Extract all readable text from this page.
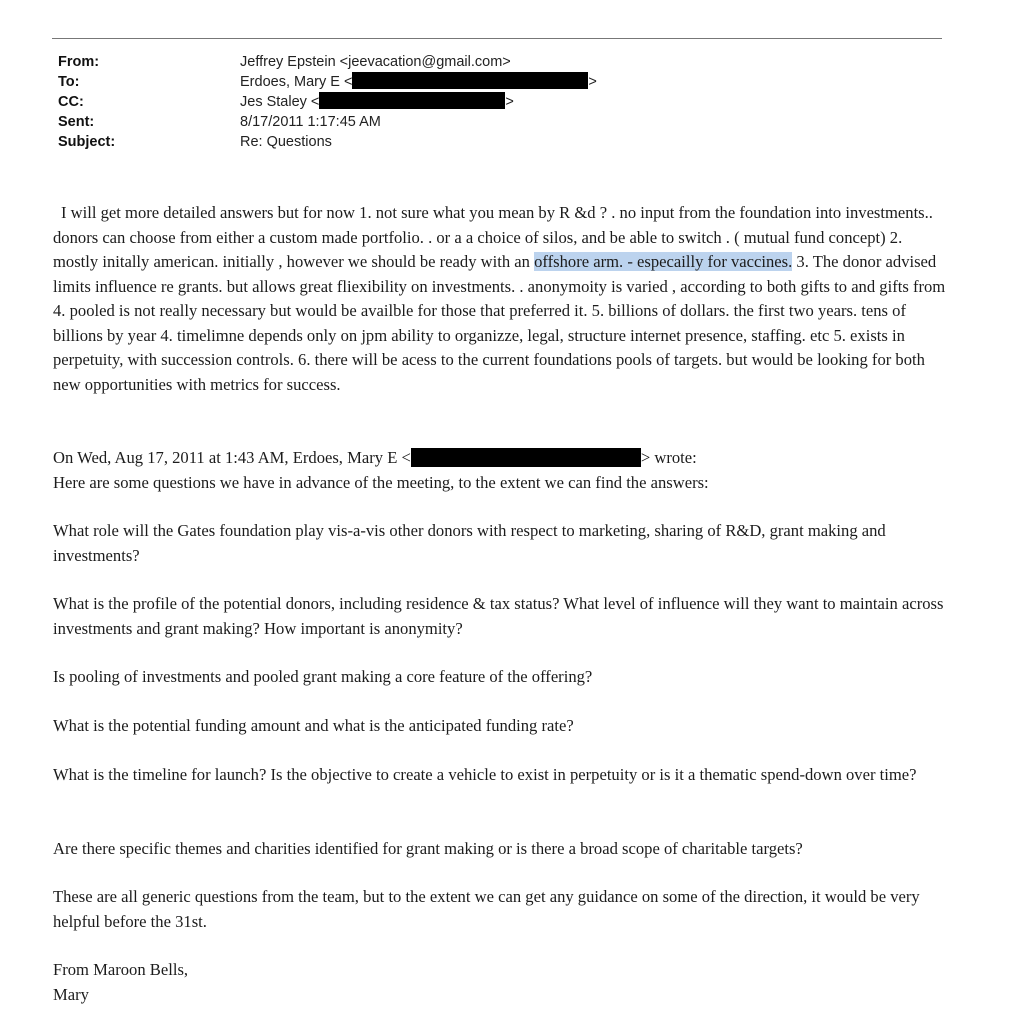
From:	Jeffrey Epstein <jeevacation@gmail.com>
To:	Erdoes, Mary E <	>
CC:	Jes Staley <	>
Sent:	8/17/2011 1:17:45 AM
Subject:	Re: Questions

I will get more detailed answers but for now 1. not sure what you mean by R &d ? . no input from the foundation into investments.. donors can choose from either a custom made portfolio. . or a a choice of silos, and be able to switch . ( mutual fund concept) 2. mostly initally american. initially , however we should be ready with an offshore arm. - especailly for vaccines. 3. The donor advised limits influence re grants. but allows great fliexibility on investments. . anonymoity is varied , according to both gifts to and gifts from 4. pooled is not really necessary but would be availble for those that preferred it. 5. billions of dollars. the first two years. tens of billions by year 4. timelimne depends only on jpm ability to organizze, legal, structure internet presence, staffing. etc 5. exists in perpetuity, with succession controls. 6. there will be acess to the current foundations pools of targets. but would be looking for both new opportunities with metrics for success.

On Wed, Aug 17, 2011 at 1:43 AM, Erdoes, Mary E <	> wrote:

Here are some questions we have in advance of the meeting, to the extent we can find the answers:

What role will the Gates foundation play vis-a-vis other donors with respect to marketing, sharing of R&D, grant making and investments?

What is the profile of the potential donors, including residence & tax status? What level of influence will they want to maintain across investments and grant making? How important is anonymity?

Is pooling of investments and pooled grant making a core feature of the offering?

What is the potential funding amount and what is the anticipated funding rate?

What is the timeline for launch? Is the objective to create a vehicle to exist in perpetuity or is it a thematic spend-down over time?

Are there specific themes and charities identified for grant making or is there a broad scope of charitable targets?

These are all generic questions from the team, but to the extent we can get any guidance on some of the direction, it would be very helpful before the 31st.

From Maroon Bells,

Mary
